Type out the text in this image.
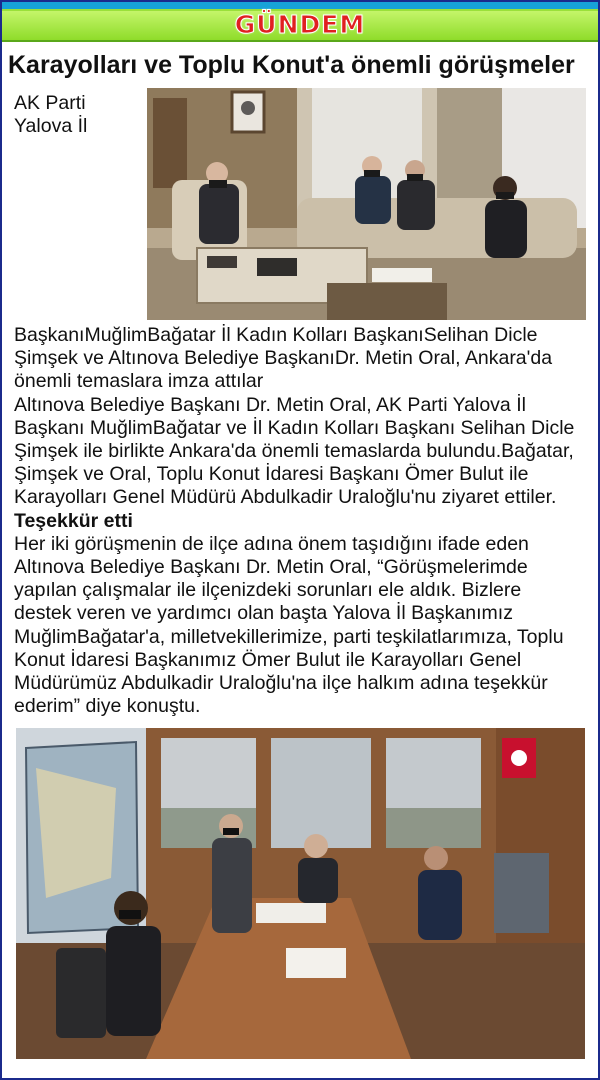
GÜNDEM
Karayolları ve Toplu Konut'a önemli görüşmeler

AK Parti Yalova İl BaşkanıMuğlimBağatar İl Kadın Kolları BaşkanıSelihan Dicle Şimşek ve Altınova Belediye BaşkanıDr. Metin Oral, Ankara'da önemli temaslara imza attılar

Altınova Belediye Başkanı Dr. Metin Oral, AK Parti Yalova İl Başkanı MuğlimBağatar ve İl Kadın Kolları Başkanı Selihan Dicle Şimşek ile birlikte Ankara'da önemli temaslarda bulundu.Bağatar, Şimşek ve Oral, Toplu Konut İdaresi Başkanı Ömer Bulut ile Karayolları Genel Müdürü Abdulkadir Uraloğlu'nu ziyaret ettiler.

Teşekkür etti

Her iki görüşmenin de ilçe adına önem taşıdığını ifade eden Altınova Belediye Başkanı Dr. Metin Oral, “Görüşmelerimde yapılan çalışmalar ile ilçenizdeki sorunları ele aldık. Bizlere destek veren ve yardımcı olan başta Yalova İl Başkanımız MuğlimBağatar'a, milletvekillerimize, parti teşkilatlarımıza, Toplu Konut İdaresi Başkanımız Ömer Bulut ile Karayolları Genel Müdürümüz Abdulkadir Uraloğlu'na ilçe halkım adına teşekkür ederim” diye konuştu.
